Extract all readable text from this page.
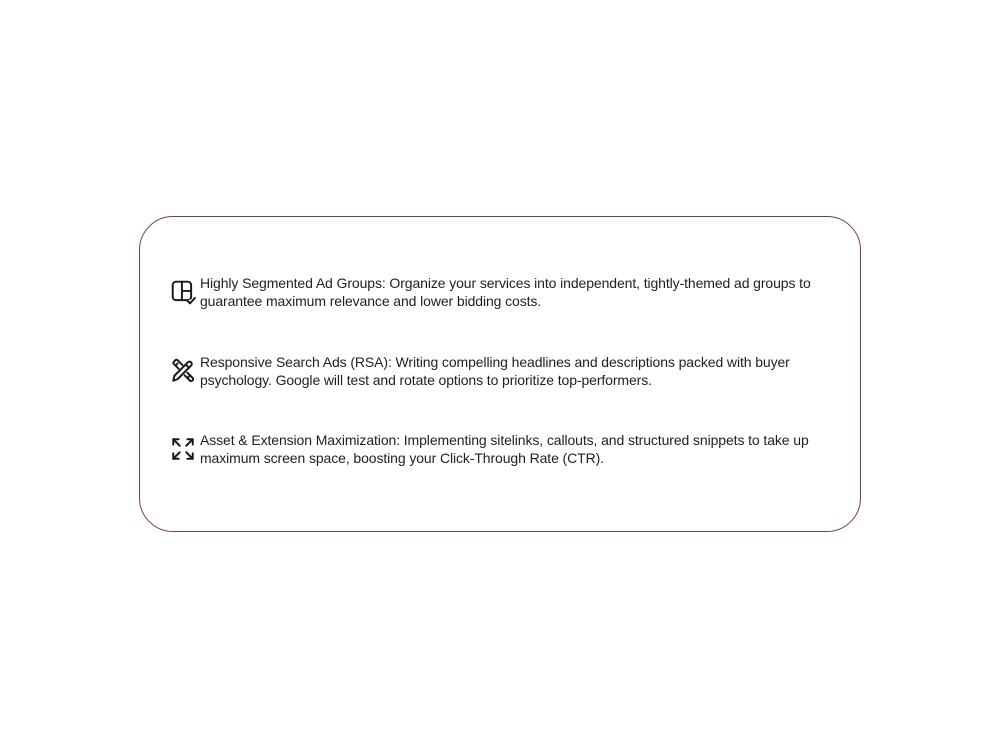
Highly Segmented Ad Groups: Organize your services into independent, tightly-themed ad groups to guarantee maximum relevance and lower bidding costs.
Responsive Search Ads (RSA): Writing compelling headlines and descriptions packed with buyer psychology. Google will test and rotate options to prioritize top-performers.
Asset & Extension Maximization: Implementing sitelinks, callouts, and structured snippets to take up maximum screen space, boosting your Click-Through Rate (CTR).
